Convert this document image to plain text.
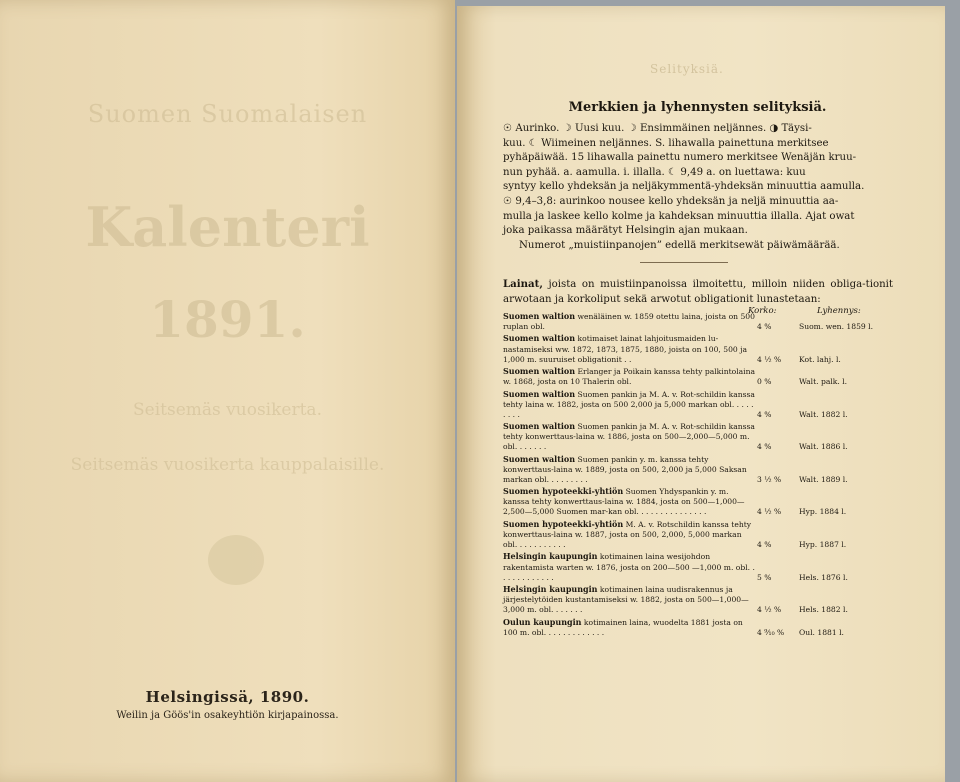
Suomen Suomalaisen
Kalenteri
1891.
Seitsemäs vuosikerta.
Seitsemäs vuosikerta kauppalaisille.
Helsingissä, 1890.
Weilin ja Göös'in osakeyhtiön kirjapainossa.
Selityksiä.
Merkkien ja lyhennysten selityksiä.

☉ Aurinko. ☽ Uusi kuu. ☽ Ensimmäinen neljännes. ◑ Täysi-

kuu. ☾ Wiimeinen neljännes. S. lihawalla painettuna merkitsee

pyhäpäiwää. 15 lihawalla painettu numero merkitsee Wenäjän kruu-

nun pyhää. a. aamulla. i. illalla. ☾ 9,49 a. on luettawa: kuu

syntyy kello yhdeksän ja neljäkymmentä-yhdeksän minuuttia aamulla.

☉ 9,4–3,8: aurinkoo nousee kello yhdeksän ja neljä minuuttia aa-

mulla ja laskee kello kolme ja kahdeksan minuuttia illalla. Ajat owat

joka paikassa määrätyt Helsingin ajan mukaan.

Numerot „muistiinpanojen” edellä merkitsewät päiwämäärää.

Lainat, joista on muistiinpanoissa ilmoitettu, milloin niiden obliga-tionit arwotaan ja korkoliput sekä arwotut obligationit lunastetaan:
Korko:	Lyhennys:
Suomen waltion wenäläinen w. 1859 otettu laina, joista on 500 ruplan obl.	4 %	Suom. wen. 1859 l.
Suomen waltion kotimaiset lainat lahjoitusmaiden lu-nastamiseksi ww. 1872, 1873, 1875, 1880, joista on 100, 500 ja 1,000 m. suuruiset obligationit . .	4 ½ %	Kot. lahj. l.
Suomen waltion Erlanger ja Poikain kanssa tehty palkintolaina w. 1868, josta on 10 Thalerin obl.	0 %	Walt. palk. l.
Suomen waltion Suomen pankin ja M. A. v. Rot-schildin kanssa tehty laina w. 1882, josta on 500 2,000 ja 5,000 markan obl. . . . . . . . .	4 %	Walt. 1882 l.
Suomen waltion Suomen pankin ja M. A. v. Rot-schildin kanssa tehty konwerttaus-laina w. 1886, josta on 500—2,000—5,000 m. obl. . . . . . .	4 %	Walt. 1886 l.
Suomen waltion Suomen pankin y. m. kanssa tehty konwerttaus-laina w. 1889, josta on 500, 2,000 ja 5,000 Saksan markan obl. . . . . . . . .	3 ½ %	Walt. 1889 l.
Suomen hypoteekki-yhtiön Suomen Yhdyspankin y. m. kanssa tehty konwerttaus-laina w. 1884, josta on 500—1,000—2,500—5,000 Suomen mar-kan obl. . . . . . . . . . . . . . .	4 ½ %	Hyp. 1884 l.
Suomen hypoteekki-yhtiön M. A. v. Rotschildin kanssa tehty konwerttaus-laina w. 1887, josta on 500, 2,000, 5,000 markan obl. . . . . . . . . . .	4 %	Hyp. 1887 l.
Helsingin kaupungin kotimainen laina wesijohdon rakentamista warten w. 1876, josta on 200—500 —1,000 m. obl. . . . . . . . . . . . .	5 %	Hels. 1876 l.
Helsingin kaupungin kotimainen laina uudisrakennus ja järjestelytöiden kustantamiseksi w. 1882, josta on 500—1,000—3,000 m. obl. . . . . . .	4 ½ %	Hels. 1882 l.
Oulun kaupungin kotimainen laina, wuodelta 1881 josta on 100 m. obl. . . . . . . . . . . . .	4 ⁹⁄₁₀ %	Oul. 1881 l.
